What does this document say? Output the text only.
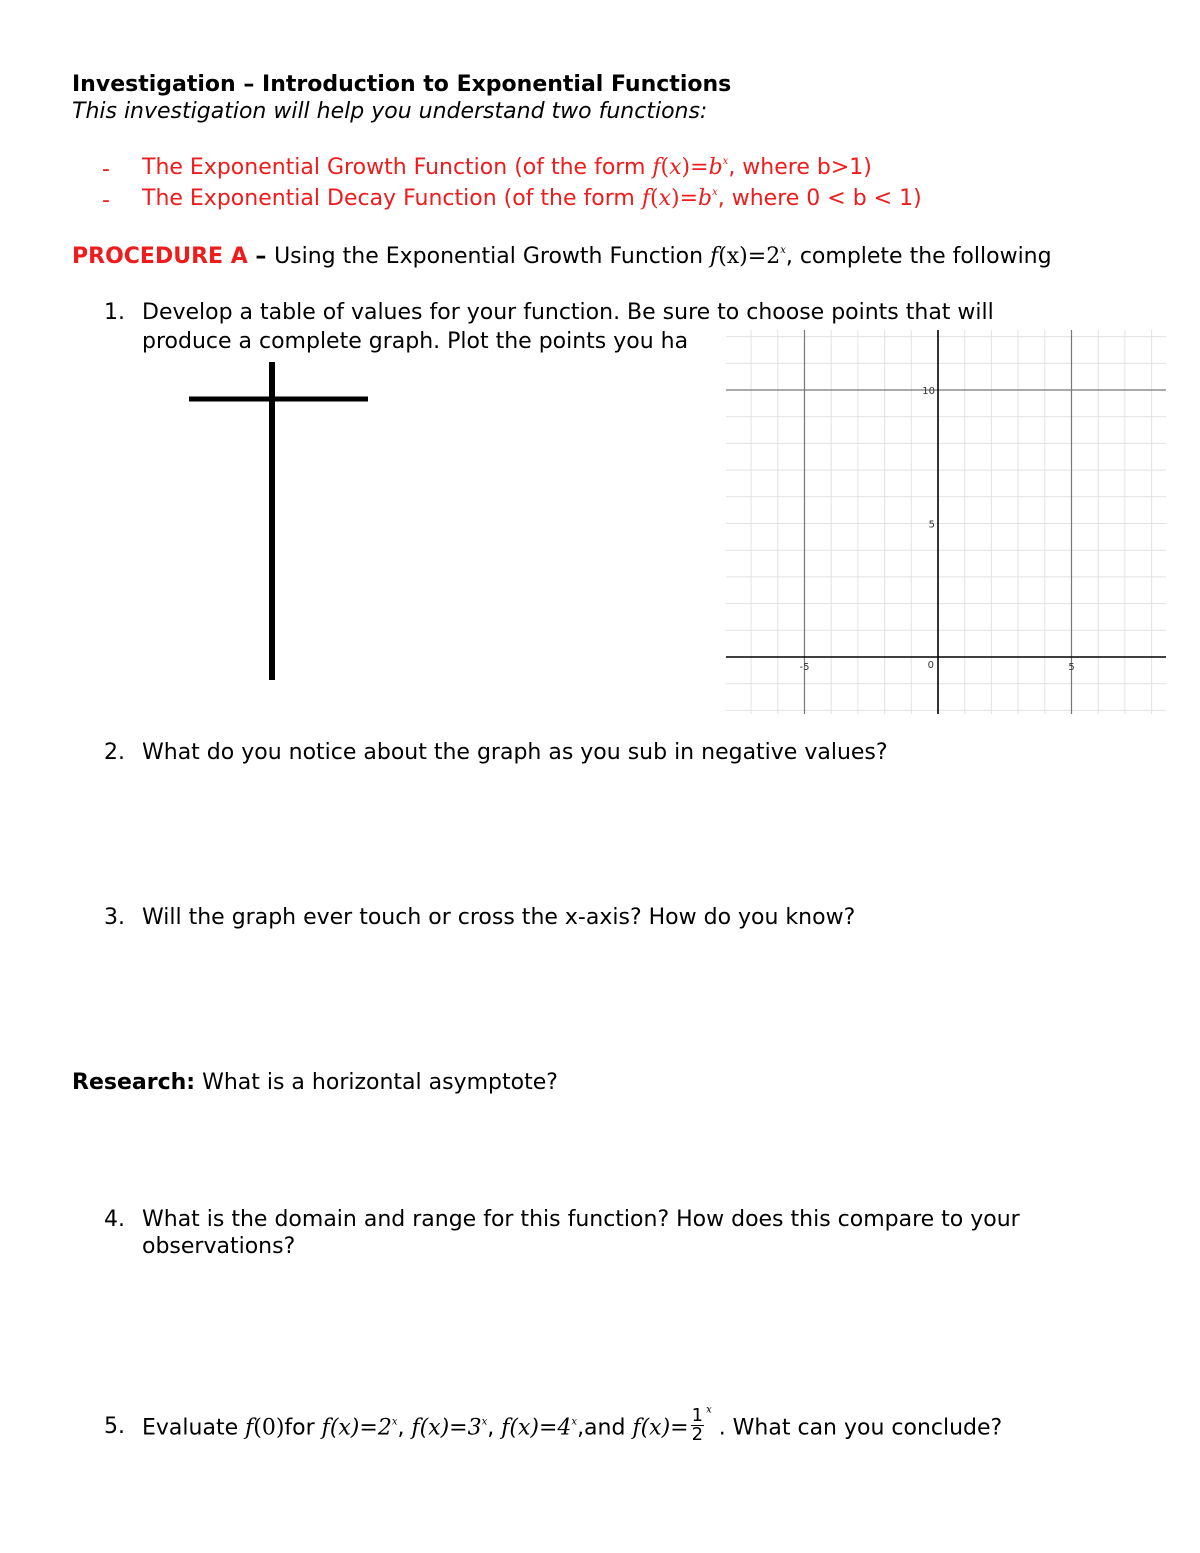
Investigation – Introduction to Exponential Functions
This investigation will help you understand two functions:
- The Exponential Growth Function (of the form $f(x)=b^x$, where b>1)
- The Exponential Decay Function (of the form $f(x)=b^x$, where 0 < b < 1)
PROCEDURE A – Using the Exponential Growth Function $f(x)=2^x$, complete the following
1. Develop a table of values for your function. Be sure to choose points that will
produce a complete graph. Plot the points you ha
-5	0	5
10
5
2. What do you notice about the graph as you sub in negative values?
3. Will the graph ever touch or cross the x-axis? How do you know?
Research: What is a horizontal asymptote?
4. What is the domain and range for this function? How does this compare to your
observations?
5. Evaluate f(0)for $f(x)=2^x$, $f(x)=3^x$, $f(x)=4^x,and$ $f(x)= \frac{1}{2} ^x$ . What can you conclude?
